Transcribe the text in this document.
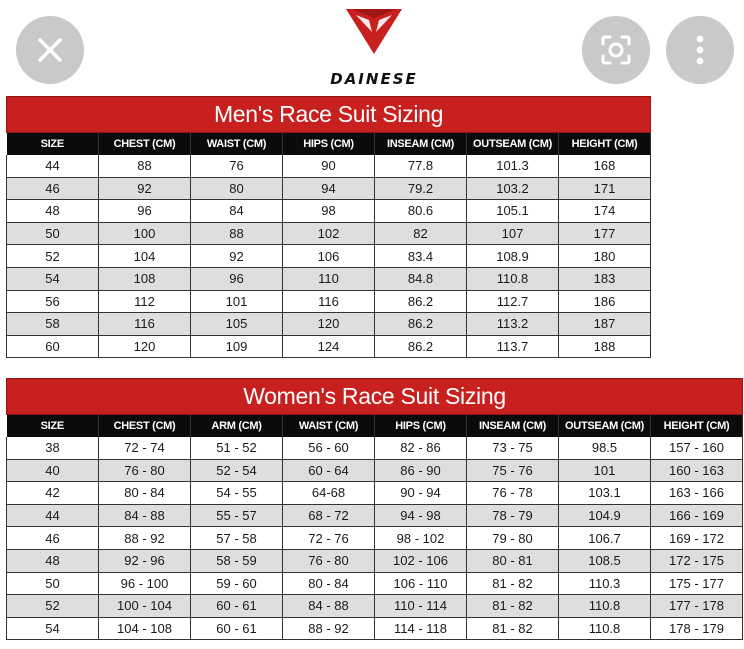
DAINESE
Men's Race Suit Sizing						
SIZE	CHEST (CM)	WAIST (CM)	HIPS (CM)	INSEAM (CM)	OUTSEAM (CM)	HEIGHT (CM)
44	88	76	90	77.8	101.3	168
46	92	80	94	79.2	103.2	171
48	96	84	98	80.6	105.1	174
50	100	88	102	82	107	177
52	104	92	106	83.4	108.9	180
54	108	96	110	84.8	110.8	183
56	112	101	116	86.2	112.7	186
58	116	105	120	86.2	113.2	187
60	120	109	124	86.2	113.7	188
Women's Race Suit Sizing							
SIZE	CHEST (CM)	ARM (CM)	WAIST (CM)	HIPS (CM)	INSEAM (CM)	OUTSEAM (CM)	HEIGHT (CM)
38	72 - 74	51 - 52	56 - 60	82 - 86	73 - 75	98.5	157 - 160
40	76 - 80	52 - 54	60 - 64	86 - 90	75 - 76	101	160 - 163
42	80 - 84	54 - 55	64-68	90 - 94	76 - 78	103.1	163 - 166
44	84 - 88	55 - 57	68 - 72	94 - 98	78 - 79	104.9	166 - 169
46	88 - 92	57 - 58	72 - 76	98 - 102	79 - 80	106.7	169 - 172
48	92 - 96	58 - 59	76 - 80	102 - 106	80 - 81	108.5	172 - 175
50	96 - 100	59 - 60	80 - 84	106 - 110	81 - 82	110.3	175 - 177
52	100 - 104	60 - 61	84 - 88	110 - 114	81 - 82	110.8	177 - 178
54	104 - 108	60 - 61	88 - 92	114 - 118	81 - 82	110.8	178 - 179
